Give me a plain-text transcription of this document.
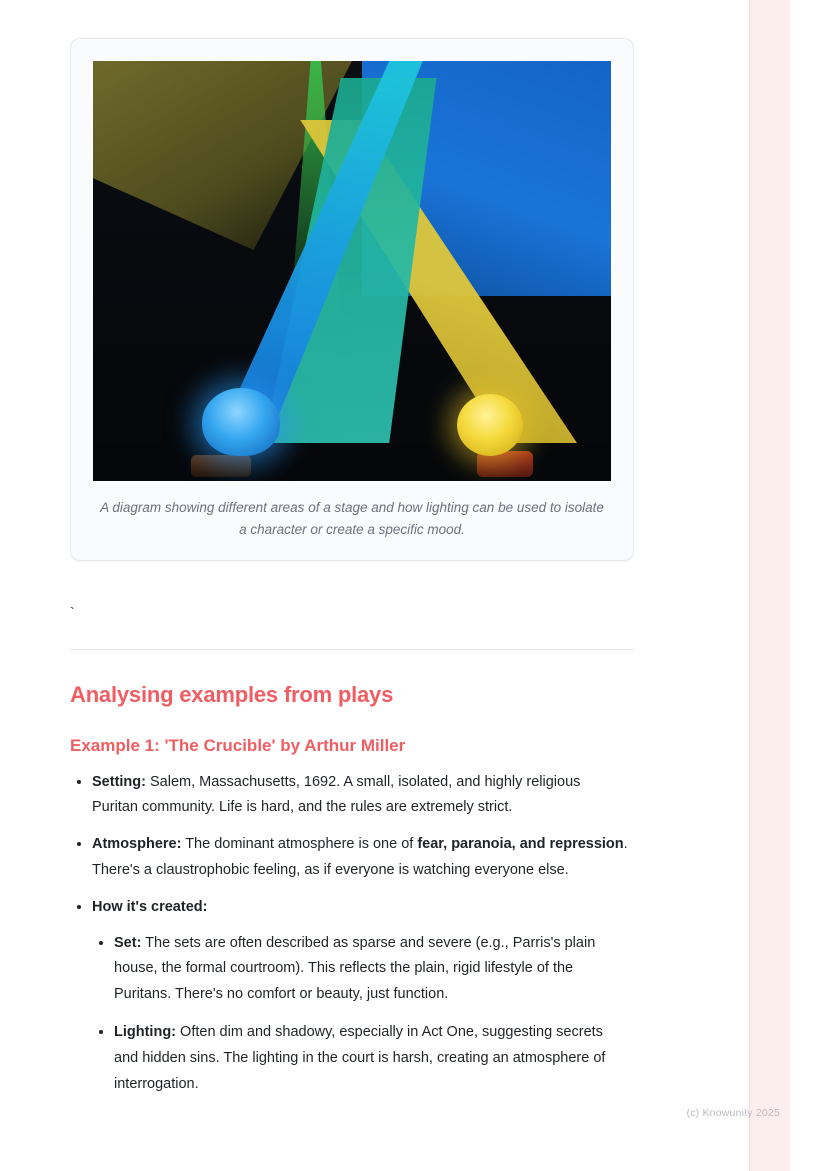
A diagram showing different areas of a stage and how lighting can be used to isolate a character or create a specific mood.

`

Analysing examples from plays
Example 1: 'The Crucible' by Arthur Miller
• Setting: Salem, Massachusetts, 1692. A small, isolated, and highly religious Puritan community. Life is hard, and the rules are extremely strict.
• Atmosphere: The dominant atmosphere is one of fear, paranoia, and repression. There's a claustrophobic feeling, as if everyone is watching everyone else.
• How it's created:
• Set: The sets are often described as sparse and severe (e.g., Parris's plain house, the formal courtroom). This reflects the plain, rigid lifestyle of the Puritans. There's no comfort or beauty, just function.
• Lighting: Often dim and shadowy, especially in Act One, suggesting secrets and hidden sins. The lighting in the court is harsh, creating an atmosphere of interrogation.
(c) Knowunity 2025
